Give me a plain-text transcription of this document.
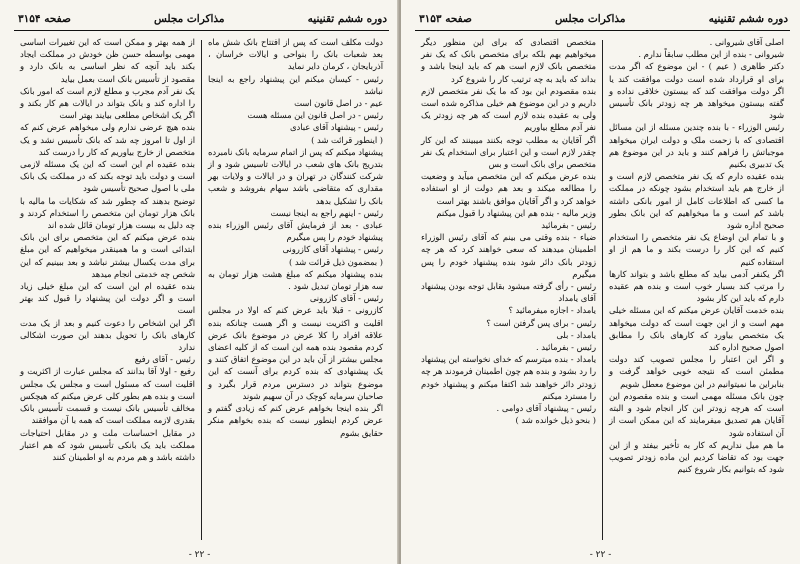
دوره ششم تقنینیه
مذاکرات مجلس
صفحه ۳۱۵۴

دولت مکلف است که پس از افتتاح بانک شش ماه بعد شعبات بانک را بنواحی و ایالات خراسان ، آذربایجان ، کرمان دایر نماید

رئیس - کیسان میکنم این پیشنهاد راجع به اینجا نباشد

عیم - در اصل قانون است

رئیس - در اصل قانون این مسئله هست

رئیس - پیشنهاد آقای عبادی

( اینطور قرائت شد )

پیشنهاد میکنم که پس از اتمام سرمایه بانک نامبرده بتدریج بانک های شعب در ایالات تاسیس شود و از شرکت کنندگان در تهران و در ایالات و ولایات بهر مقداری که متقاضی باشد سهام بفروشد و شعب بانک را تشکیل بدهد

رئیس - اینهم راجع به اینجا نیست

عبادی - بعد از فرمایش آقای رئیس الوزراء بنده پیشنهاد خودم را پس میگیرم

رئیس - پیشنهاد آقای کازرونی

( بمضمون ذیل قرائت شد )

بنده پیشنهاد میکنم که مبلغ هشت هزار تومان به سه هزار تومان تبدیل شود .

رئیس - آقای کازرونی

کازرونی - قبلا باید عرض کنم که اولا در مجلس اقلیت و اکثریت نیست و اگر هست چنانکه بنده علاقه افراد را کلا عرض در موضوع بانک عرض کردم مقصود بنده همه این است که از کلیه اعضای مجلس بیشتر از آن باید در این موضوع اتفاق کنند و یک پیشنهادی که بنده کردم برای آنست که این موضوع بتواند در دسترس مردم قرار بگیرد و صاحبان سرمایه کوچک در آن سهیم شوند

اگر بنده اینجا بخواهم عرض کنم که زیادی گفتم و عرض کردم اینطور نیست که بنده بخواهم منکر حقایق بشوم

از همه بهتر و ممکن است که این تغییرات اساسی مهمی بواسطه حسن ظن خودش در مملکت ایجاد بکند باید آنچه که نظر اساسی به بانک دارد و مقصود از تأسیس بانک است بعمل بیاید

یک نفر آدم مجرب و مطلع لازم است که امور بانک را اداره کند و بانک بتواند در ایالات هم کار بکند و اگر یک اشخاص مطلعی بیایند بهتر است

بنده هیچ عرضی ندارم ولی میخواهم عرض کنم که از اول تا امروز چه شد که بانک تأسیس نشد و یک متخصص از خارج بیاوریم که کار را درست کند

بنده عقیده ام این است که این یک مسئله لازمی است و دولت باید توجه بکند که در مملکت یک بانک ملی با اصول صحیح تأسیس شود

توضیح بدهند که چطور شد که شکایات ما مالیه با بانک هزار تومان این متخصص را استخدام کردند و چه دلیل به بیست هزار تومان قائل شده اند

بنده عرض میکنم که این متخصص برای این بانک ابتدائی است و ما همینقدر میخواهیم که این مبلغ برای مدت یکسال بیشتر نباشد و بعد ببینیم که این شخص چه خدمتی انجام میدهد

بنده عقیده ام این است که این مبلغ خیلی زیاد است و اگر دولت این پیشنهاد را قبول کند بهتر است

اگر این اشخاص را دعوت کنیم و بعد از یک مدت کارهای بانک را تحویل بدهند این صورت اشکالی ندارد

رئیس - آقای رفیع

رفیع - اولا آقا بدانند که مجلس عبارت از اکثریت و اقلیت است که مسئول است و مجلس یک مجلس است و بنده هم بطور کلی عرض میکنم که هیچکس مخالف تأسیس بانک نیست و قسمت تأسیس بانک بقدری لازمه مملکت است که همه با آن موافقند

در مقابل احساسات ملت و در مقابل احتیاجات مملکت باید یک بانکی تأسیس شود که هم اعتبار داشته باشد و هم مردم به او اطمینان کنند

- ۲۲ -
دوره ششم تقنینیه
مذاکرات مجلس
صفحه ۳۱۵۳

اصلی آقای شیروانی .

شیروانی - بنده از این مطلب سابقاً ندارم .

دکتر طاهری ( عیم ) - این موضوع که اگر مدت برای او قرارداد شده است دولت موافقت کند یا اگر دولت موافقت کند که بیستون خلاقی نداده و گفته بیستون میخواهد هر چه زودتر بانک تأسیس شود

رئیس الوزراء - با بنده چندین مسئله از این مسائل اقتصادی که با زحمت ملک و دولت ایران میخواهد موجباتش را فراهم کنند و باید در این موضوع هم یک تدبیری بکنیم

بنده عقیده دارم که یک نفر متخصص لازم است و از خارج هم باید استخدام بشود چونکه در مملکت ما کسی که اطلاعات کامل از امور بانکی داشته باشد کم است و ما میخواهیم که این بانک بطور صحیح اداره شود

و با تمام این اوضاع یک نفر متخصص را استخدام کنیم که این کار را درست بکند و ما هم از او استفاده کنیم

اگر یکنفر آدمی بیاید که مطلع باشد و بتواند کارها را مرتب کند بسیار خوب است و بنده هم عقیده دارم که باید این کار بشود

بنده خدمت آقایان عرض میکنم که این مسئله خیلی مهم است و از این جهت است که دولت میخواهد یک متخصص بیاورد که کارهای بانک را مطابق اصول صحیح اداره کند

و اگر این اعتبار را مجلس تصویب کند دولت مطمئن است که نتیجه خوبی خواهد گرفت و بنابراین ما نمیتوانیم در این موضوع معطل شویم

چون بانک مسئله مهمی است و بنده مقصودم این است که هرچه زودتر این کار انجام شود و البته آقایان هم تصدیق میفرمایند که این ممکن است از آن استفاده شود

ما هم میل نداریم که کار به تأخیر بیفتد و از این جهت بود که تقاضا کردیم این ماده زودتر تصویب شود که بتوانیم بکار شروع کنیم

متخصص اقتصادی که برای این منظور دیگر میخواهیم بهم بلکه برای متخصص بانک که یک نفر متخصص بانک لازم است هم که باید اینجا باشد و بداند که باید به چه ترتیب کار را شروع کرد

بنده مقصودم این بود که ما یک نفر متخصص لازم داریم و در این موضوع هم خیلی مذاکره شده است ولی به عقیده بنده لازم است که هر چه زودتر یک نفر آدم مطلع بیاوریم

اگر آقایان به مطلب توجه بکنند میبینند که این کار چقدر لازم است و این اعتبار برای استخدام یک نفر متخصص برای بانک است و بس

بنده عرض میکنم که این متخصص میآید و وضعیت را مطالعه میکند و بعد هم دولت از او استفاده خواهد کرد و اگر آقایان موافق باشند بهتر است

وزیر مالیه - بنده هم این پیشنهاد را قبول میکنم

رئیس - بفرمائید

ضیاء - بنده وقتی می بینم که آقای رئیس الوزراء اطمینان میدهند که سعی خواهند کرد که هر چه زودتر بانک دائر شود بنده پیشنهاد خودم را پس میگیرم

رئیس - رأی گرفته میشود بقابل توجه بودن پیشنهاد آقای یامداد

یامداد - اجازه میفرمائید ؟

رئیس - برای پس گرفتن است ؟

یامداد - بلی

رئیس - بفرمائید .

یامداد - بنده میترسم که خدای نخواسته این پیشنهاد را رد بشود و بنده هم چون اطمینان فرمودند هر چه زودتر دائر خواهند شد اکتفا میکنم و پیشنهاد خودم را مسترد میکنم

رئیس - پیشنهاد آقای دوامی .

( بنحو ذیل خوانده شد )

- ۲۲ -
